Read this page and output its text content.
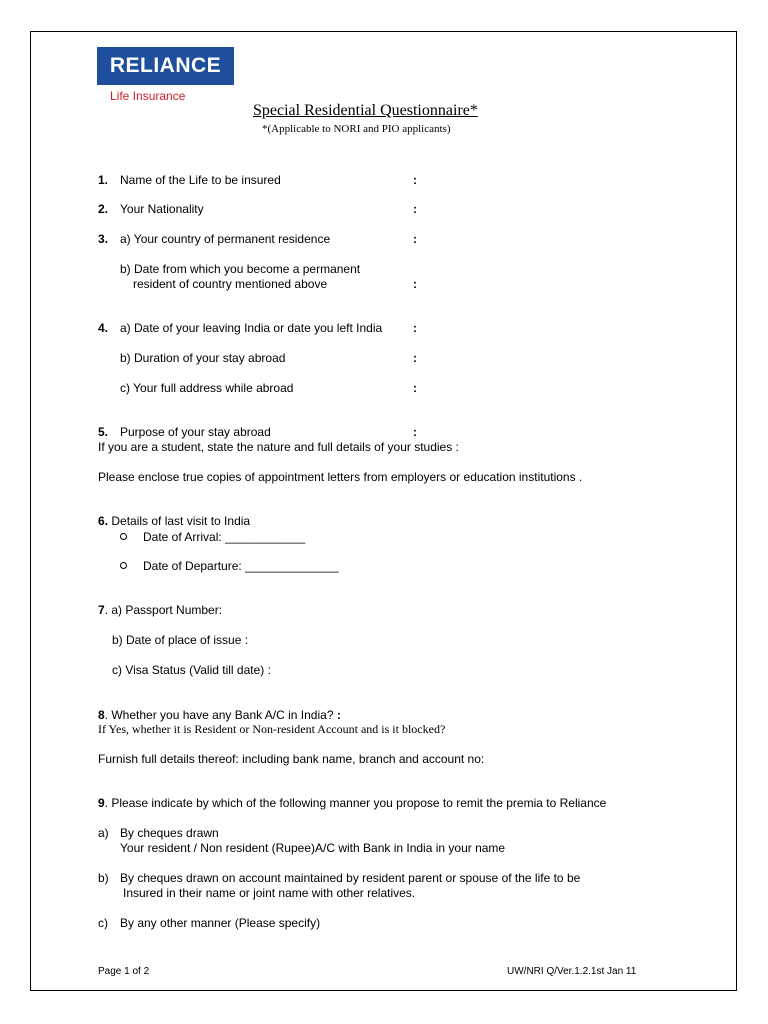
RELIANCE
Life Insurance
Special Residential Questionnaire*
*(Applicable to NORI and PIO applicants)
1. Name of the Life to be insured	:
2. Your Nationality	:
3. a) Your country of permanent residence	:
b) Date from which you become a permanent
resident of country mentioned above	:
4. a) Date of your leaving India or date you left India	:
b) Duration of your stay abroad	:
c) Your full address while abroad	:
5. Purpose of your stay abroad	:
If you are a student, state the nature and full details of your studies :
Please enclose true copies of appointment letters from employers or education institutions .
6. Details of last visit to India
Date of Arrival: ____________
Date of Departure: ______________
7. a) Passport Number:
b) Date of place of issue :
c) Visa Status (Valid till date) :
8. Whether you have any Bank A/C in India? :
If Yes, whether it is Resident or Non-resident Account and is it blocked?
Furnish full details thereof: including bank name, branch and account no:
9. Please indicate by which of the following manner you propose to remit the premia to Reliance
a) By cheques drawn
Your resident / Non resident (Rupee)A/C with Bank in India in your name
b) By cheques drawn on account maintained by resident parent or spouse of the life to be
Insured in their name or joint name with other relatives.
c) By any other manner (Please specify)
Page 1 of 2	UW/NRI Q/Ver.1.2.1st Jan 11
